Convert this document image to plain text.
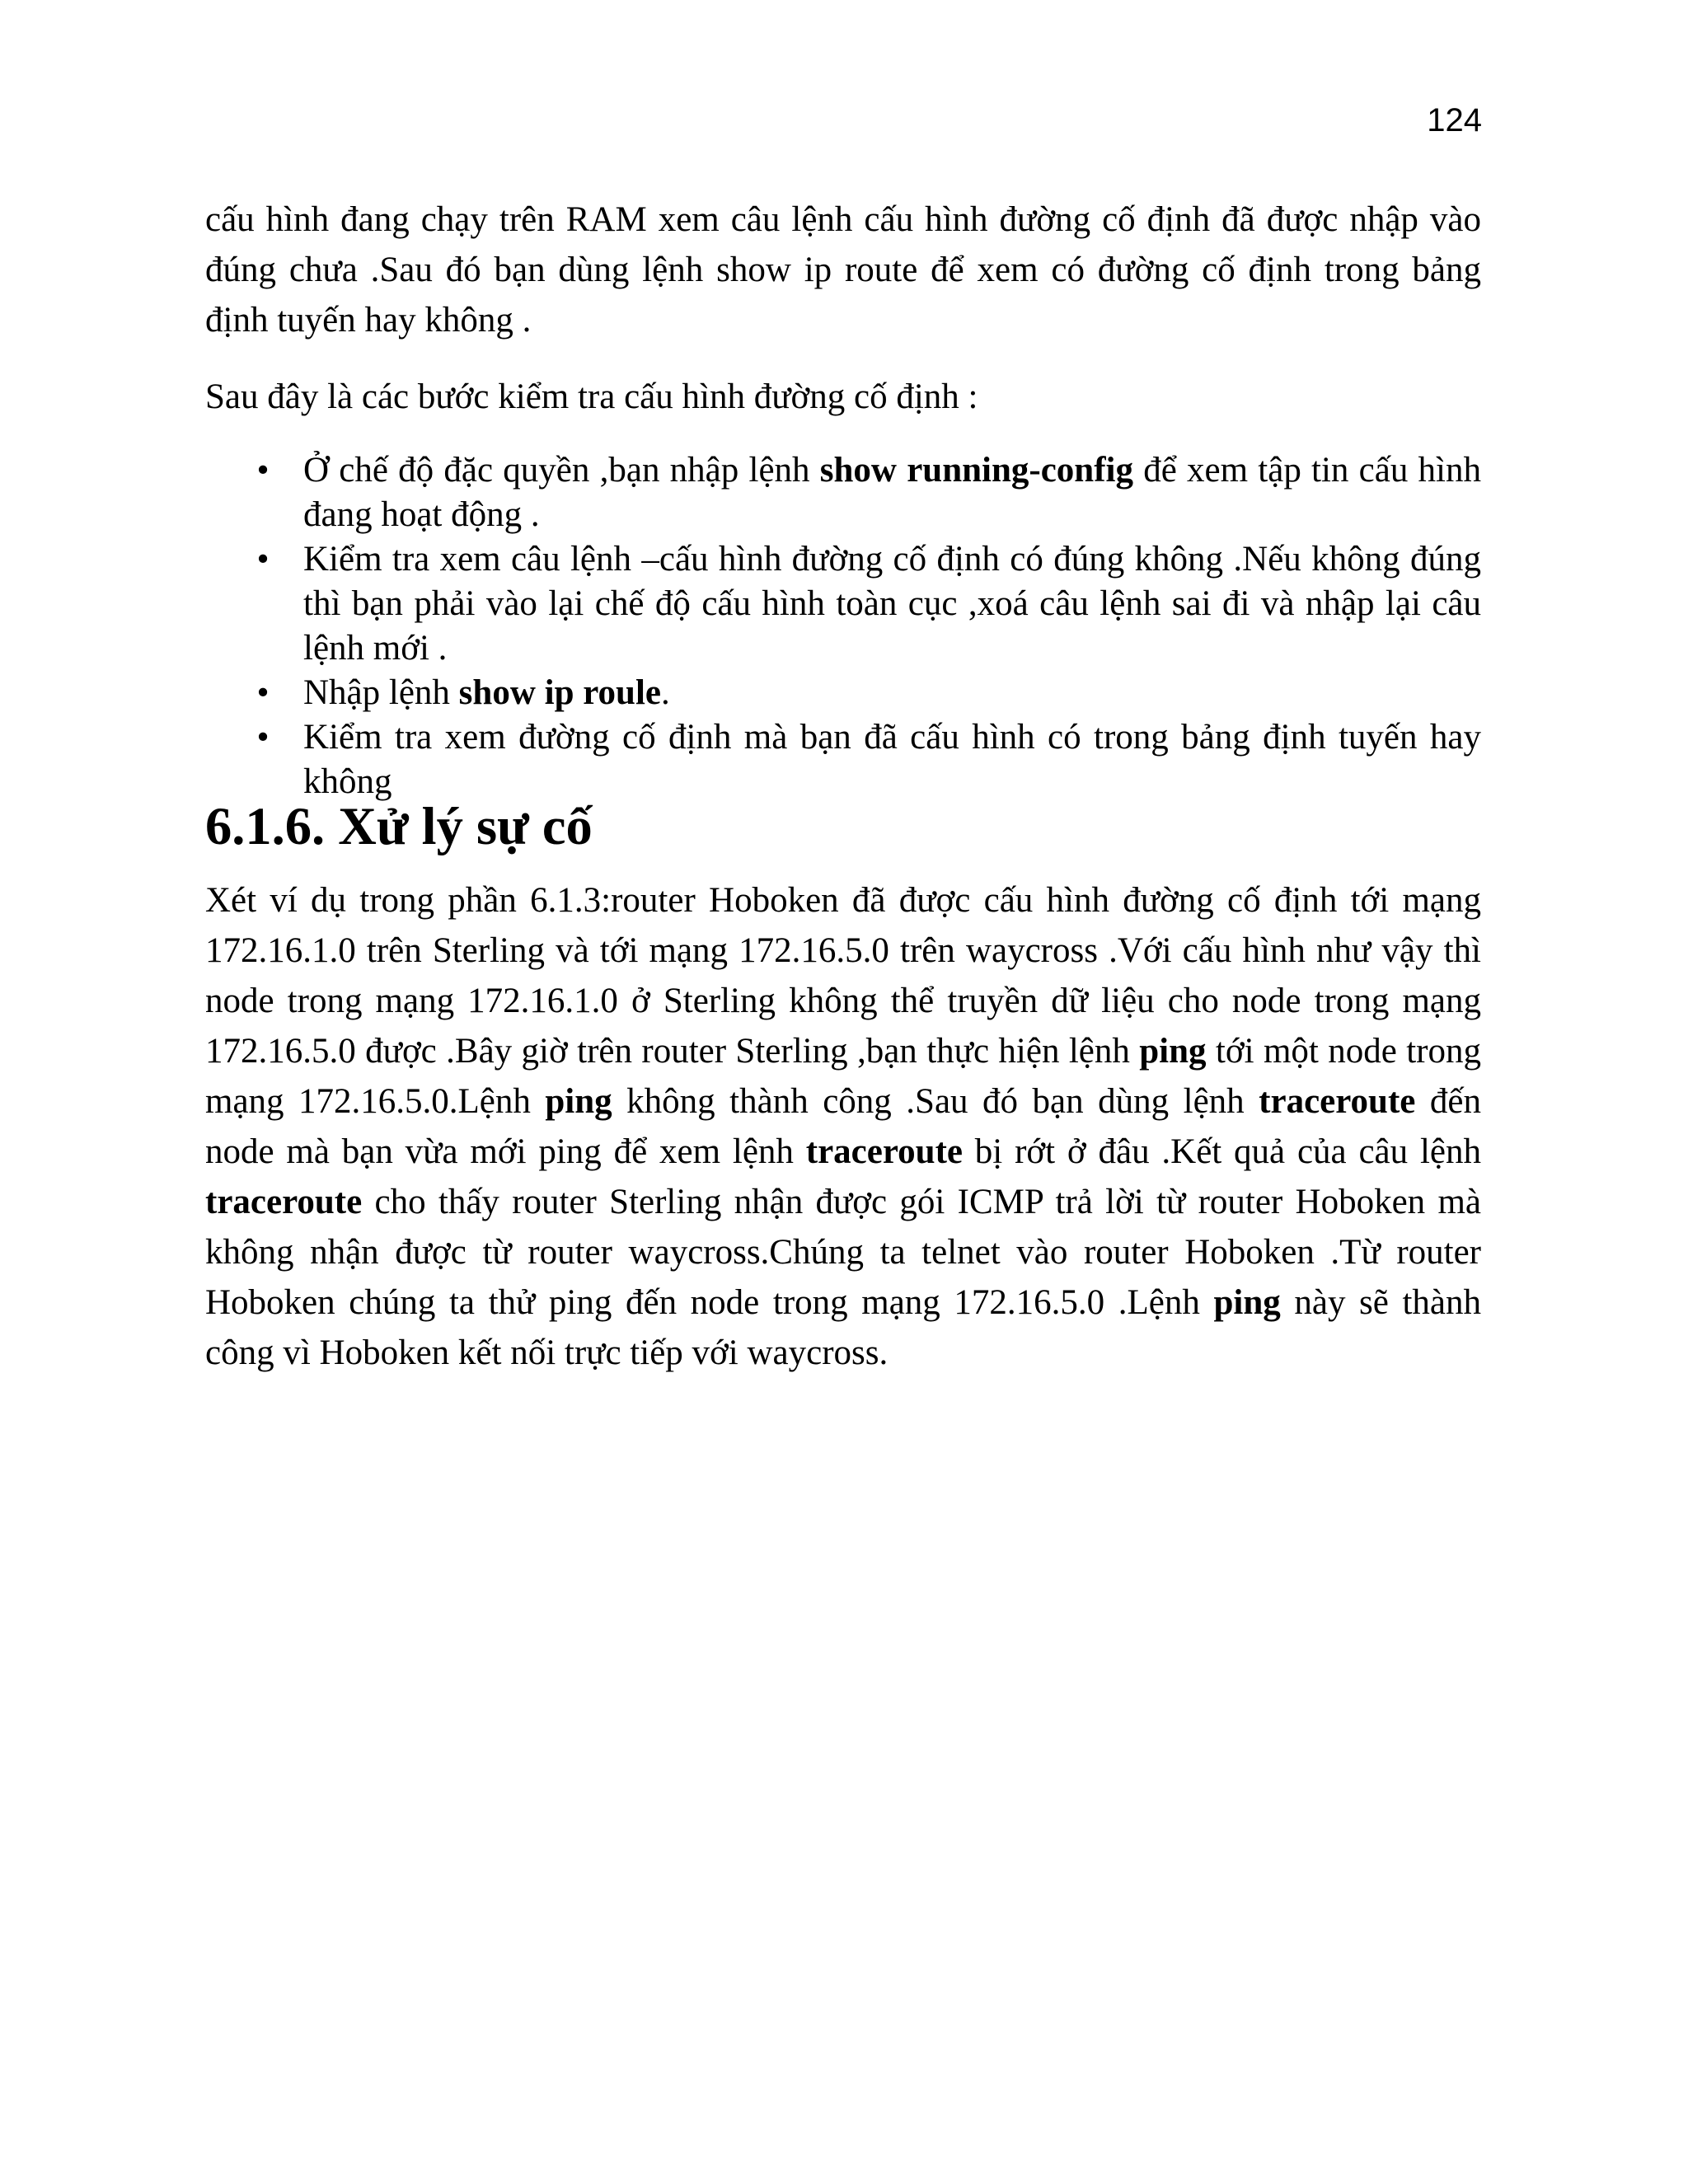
124

cấu hình đang chạy trên RAM xem câu lệnh cấu hình đường cố định đã được nhập vào đúng chưa .Sau đó bạn dùng lệnh show ip route để xem có đường cố định trong bảng định tuyến hay không .

Sau đây là các bước kiểm tra cấu hình đường cố định :

• Ở chế độ đặc quyền ,bạn nhập lệnh show running-config để xem tập tin cấu hình đang hoạt động .
• Kiểm tra xem câu lệnh –cấu hình đường cố định có đúng không .Nếu không đúng thì bạn phải vào lại chế độ cấu hình toàn cục ,xoá câu lệnh sai đi và nhập lại câu lệnh mới .
• Nhập lệnh show ip roule.
• Kiểm tra xem đường cố định mà bạn đã cấu hình có trong bảng định tuyến hay không
6.1.6. Xử lý sự cố

Xét ví dụ trong phần 6.1.3:router Hoboken đã được cấu hình đường cố định tới mạng 172.16.1.0 trên Sterling và tới mạng 172.16.5.0 trên waycross .Với cấu hình như vậy thì node trong mạng 172.16.1.0 ở Sterling không thể truyền dữ liệu cho node trong mạng 172.16.5.0 được .Bây giờ trên router Sterling ,bạn thực hiện lệnh ping tới một node trong mạng 172.16.5.0.Lệnh ping không thành công .Sau đó bạn dùng lệnh traceroute đến node mà bạn vừa mới ping để xem lệnh traceroute bị rớt ở đâu .Kết quả của câu lệnh traceroute cho thấy router Sterling nhận được gói ICMP trả lời từ router Hoboken mà không nhận được từ router waycross.Chúng ta telnet vào router Hoboken .Từ router Hoboken chúng ta thử ping đến node trong mạng 172.16.5.0 .Lệnh ping này sẽ thành công vì Hoboken kết nối trực tiếp với waycross.
